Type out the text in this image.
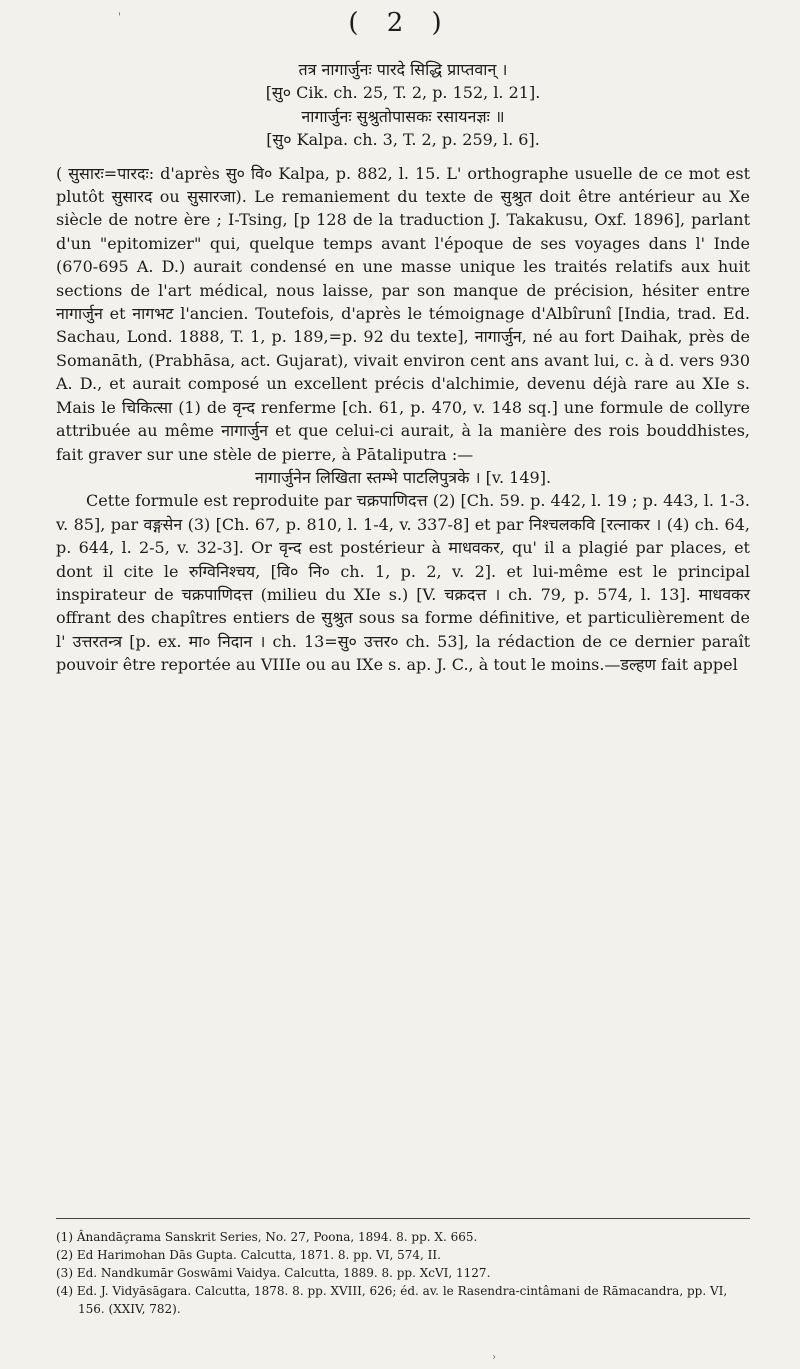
'	( 2 )

तत्र नागार्जुनः पारदे सिद्धि प्राप्तवान् ।

[सु० Cik. ch. 25, T. 2, p. 152, l. 21].

नागार्जुनः सुश्रुतोपासकः रसायनज्ञः ॥

[सु० Kalpa. ch. 3, T. 2, p. 259, l. 6].

( सुसारः=पारदः: d'après सु० वि० Kalpa, p. 882, l. 15. L' orthographe usuelle de ce mot est plutôt सुसारद ou सुसारजा). Le remaniement du texte de सुश्रुत doit être antérieur au Xe siècle de notre ère ; I-Tsing, [p 128 de la traduction J. Takakusu, Oxf. 1896], parlant d'un "epitomizer" qui, quelque temps avant l'époque de ses voyages dans l' Inde (670-695 A. D.) aurait condensé en une masse unique les traités relatifs aux huit sections de l'art médical, nous laisse, par son manque de précision, hésiter entre नागार्जुन et नागभट l'ancien. Toutefois, d'après le témoignage d'Albîrunî [India, trad. Ed. Sachau, Lond. 1888, T. 1, p. 189,=p. 92 du texte], नागार्जुन, né au fort Daihak, près de Somanāth, (Prabhāsa, act. Gujarat), vivait environ cent ans avant lui, c. à d. vers 930 A. D., et aurait composé un excellent précis d'alchimie, devenu déjà rare au XIe s. Mais le चिकित्सा (1) de वृन्द renferme [ch. 61, p. 470, v. 148 sq.] une formule de collyre attribuée au même नागार्जुन et que celui-ci aurait, à la manière des rois bouddhistes, fait graver sur une stèle de pierre, à Pātaliputra :—

नागार्जुनेन लिखिता स्तम्भे पाटलिपुत्रके । [v. 149].

Cette formule est reproduite par चक्रपाणिदत्त (2) [Ch. 59. p. 442, l. 19 ; p. 443, l. 1-3. v. 85], par वङ्गसेन (3) [Ch. 67, p. 810, l. 1-4, v. 337-8] et par निश्चलकवि [रत्नाकर । (4) ch. 64, p. 644, l. 2-5, v. 32-3]. Or वृन्द est postérieur à माधवकर, qu' il a plagié par places, et dont il cite le रुग्विनिश्चय, [वि० नि० ch. 1, p. 2, v. 2]. et lui-même est le principal inspirateur de चक्रपाणिदत्त (milieu du XIe s.) [V. चक्रदत्त । ch. 79, p. 574, l. 13]. माधवकर offrant des chapîtres entiers de सुश्रुत sous sa forme définitive, et particulièrement de l' उत्तरतन्त्र [p. ex. मा० निदान । ch. 13=सु० उत्तर० ch. 53], la rédaction de ce dernier paraît pouvoir être reportée au VIIIe ou au IXe s. ap. J. C., à tout le moins.—डल्हण fait appel

(1) Ânandāçrama Sanskrit Series, No. 27, Poona, 1894. 8. pp. X. 665.
(2) Ed Harimohan Dās Gupta. Calcutta, 1871. 8. pp. VI, 574, II.
(3) Ed. Nandkumār Goswāmi Vaidya. Calcutta, 1889. 8. pp. XcVI, 1127.
(4) Ed. J. Vidyāsāgara. Calcutta, 1878. 8. pp. XVIII, 626; éd. av. le Rasendra-cintâmani de Rāmacandra, pp. VI, 156. (XXIV, 782).
›
